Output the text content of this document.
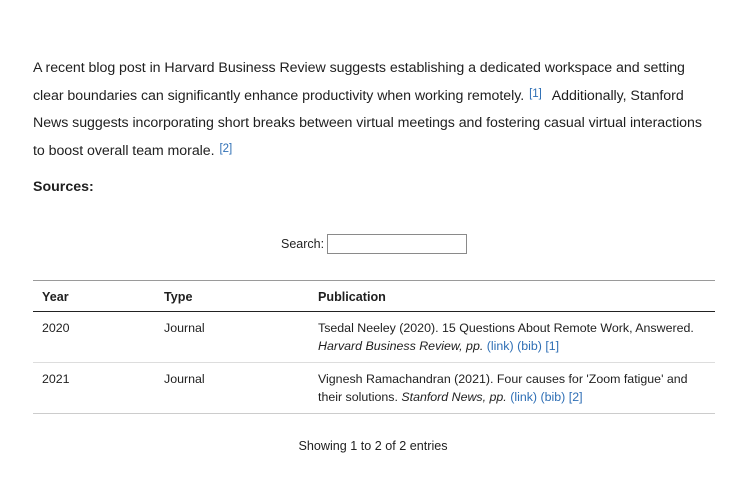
A recent blog post in Harvard Business Review suggests establishing a dedicated workspace and setting clear boundaries can significantly enhance productivity when working remotely. [1] Additionally, Stanford News suggests incorporating short breaks between virtual meetings and fostering casual virtual interactions to boost overall team morale. [2]

Sources:
Search:
Year	Type	Publication
2020	Journal	Tsedal Neeley (2020). 15 Questions About Remote Work, Answered. Harvard Business Review, pp. (link) (bib) [1]
2021	Journal	Vignesh Ramachandran (2021). Four causes for 'Zoom fatigue' and their solutions. Stanford News, pp. (link) (bib) [2]
Showing 1 to 2 of 2 entries
